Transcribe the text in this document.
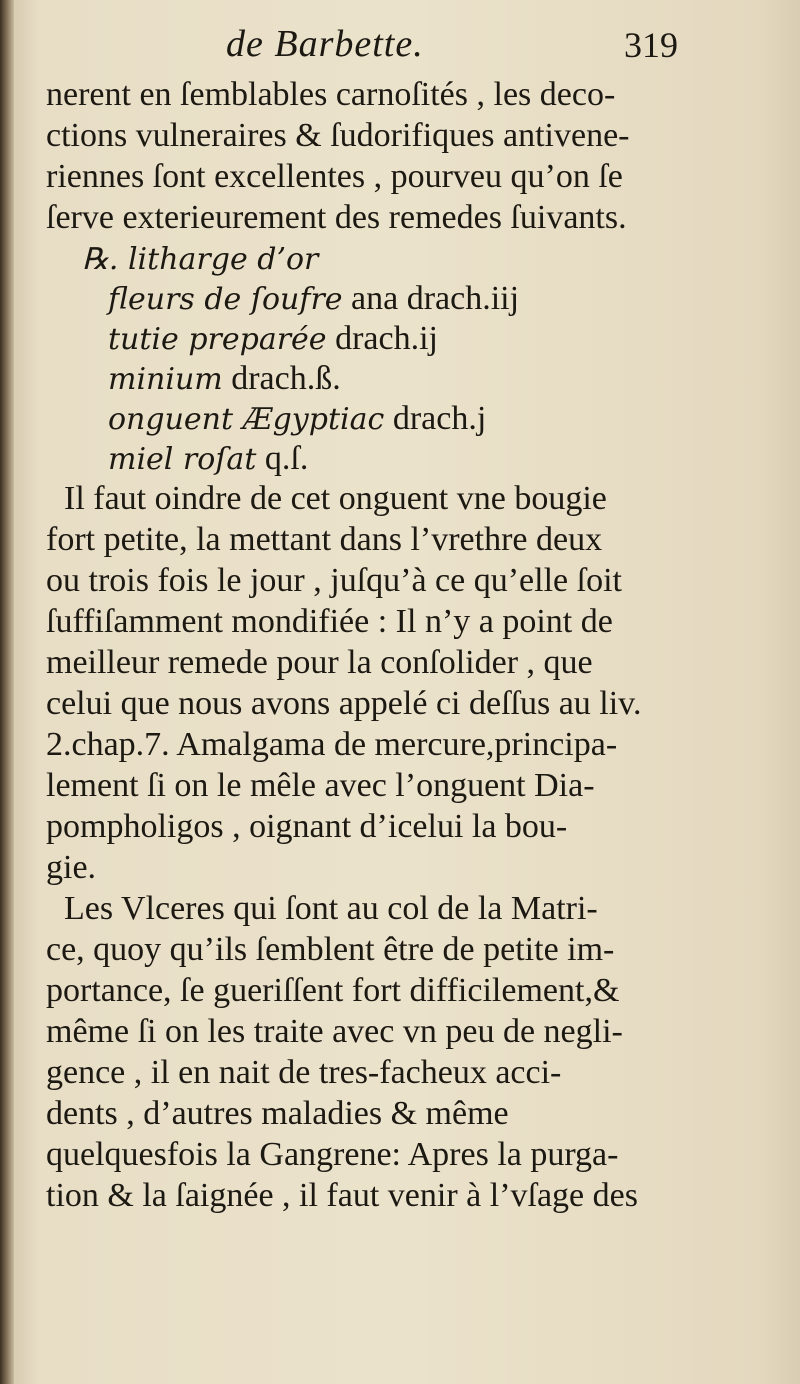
de Barbette.	319
nerent en ſemblables carnoſités , les deco-
ctions vulneraires & ſudorifiques antivene-
riennes ſont excellentes , pourveu qu’on ſe
ſerve exterieurement des remedes ſuivants.
℞. litharge d’or
fleurs de ſoufre ana drach.iij
tutie preparée drach.ij
minium drach.ß.
onguent Ægyptiac drach.j
miel roſat q.ſ.
Il faut oindre de cet onguent vne bougie
fort petite, la mettant dans l’vrethre deux
ou trois fois le jour , juſqu’à ce qu’elle ſoit
ſuffiſamment mondifiée : Il n’y a point de
meilleur remede pour la conſolider , que
celui que nous avons appelé ci deſſus au liv.
2.chap.7. Amalgama de mercure,principa-
lement ſi on le mêle avec l’onguent Dia-
pompholigos , oignant d’icelui la bou-
gie.
Les Vlceres qui ſont au col de la Matri-
ce, quoy qu’ils ſemblent être de petite im-
portance, ſe gueriſſent fort difficilement,&
même ſi on les traite avec vn peu de negli-
gence , il en nait de tres-facheux acci-
dents , d’autres maladies & même
quelquesfois la Gangrene: Apres la purga-
tion & la ſaignée , il faut venir à l’vſage des
